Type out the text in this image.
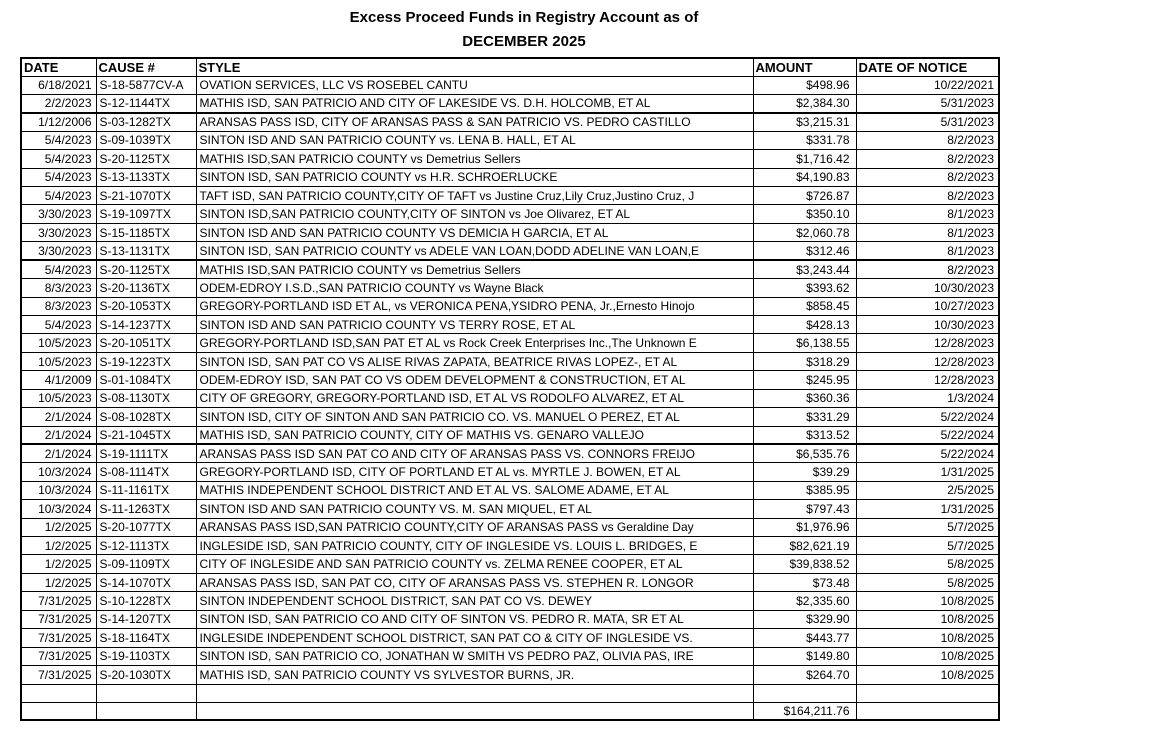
Excess Proceed Funds in Registry Account as of
DECEMBER 2025
DATE	CAUSE #	STYLE	AMOUNT	DATE OF NOTICE
6/18/2021	S-18-5877CV-A	OVATION SERVICES, LLC VS ROSEBEL CANTU	$498.96	10/22/2021
2/2/2023	S-12-1144TX	MATHIS ISD, SAN PATRICIO AND CITY OF LAKESIDE VS. D.H. HOLCOMB, ET AL	$2,384.30	5/31/2023
1/12/2006	S-03-1282TX	ARANSAS PASS ISD, CITY OF ARANSAS PASS & SAN PATRICIO VS. PEDRO CASTILLO	$3,215.31	5/31/2023
5/4/2023	S-09-1039TX	SINTON ISD AND SAN PATRICIO COUNTY vs. LENA B. HALL, ET AL	$331.78	8/2/2023
5/4/2023	S-20-1125TX	MATHIS ISD,SAN PATRICIO COUNTY vs Demetrius Sellers	$1,716.42	8/2/2023
5/4/2023	S-13-1133TX	SINTON ISD, SAN PATRICIO COUNTY vs H.R. SCHROERLUCKE	$4,190.83	8/2/2023
5/4/2023	S-21-1070TX	TAFT ISD, SAN PATRICIO COUNTY,CITY OF TAFT vs Justine Cruz,Lily Cruz,Justino Cruz, J	$726.87	8/2/2023
3/30/2023	S-19-1097TX	SINTON ISD,SAN PATRICIO COUNTY,CITY OF SINTON vs Joe Olivarez, ET AL	$350.10	8/1/2023
3/30/2023	S-15-1185TX	SINTON ISD AND SAN PATRICIO COUNTY VS DEMICIA H GARCIA, ET AL	$2,060.78	8/1/2023
3/30/2023	S-13-1131TX	SINTON ISD, SAN PATRICIO COUNTY vs ADELE VAN LOAN,DODD ADELINE VAN LOAN,E	$312.46	8/1/2023
5/4/2023	S-20-1125TX	MATHIS ISD,SAN PATRICIO COUNTY vs Demetrius Sellers	$3,243.44	8/2/2023
8/3/2023	S-20-1136TX	ODEM-EDROY I.S.D.,SAN PATRICIO COUNTY vs Wayne Black	$393.62	10/30/2023
8/3/2023	S-20-1053TX	GREGORY-PORTLAND ISD ET AL, vs VERONICA PENA,YSIDRO PENA, Jr.,Ernesto Hinojo	$858.45	10/27/2023
5/4/2023	S-14-1237TX	SINTON ISD AND SAN PATRICIO COUNTY VS TERRY ROSE, ET AL	$428.13	10/30/2023
10/5/2023	S-20-1051TX	GREGORY-PORTLAND ISD,SAN PAT ET AL vs Rock Creek Enterprises Inc.,The Unknown E	$6,138.55	12/28/2023
10/5/2023	S-19-1223TX	SINTON ISD, SAN PAT CO VS ALISE RIVAS ZAPATA, BEATRICE RIVAS LOPEZ-, ET AL	$318.29	12/28/2023
4/1/2009	S-01-1084TX	ODEM-EDROY ISD, SAN PAT CO VS ODEM DEVELOPMENT & CONSTRUCTION, ET AL	$245.95	12/28/2023
10/5/2023	S-08-1130TX	CITY OF GREGORY, GREGORY-PORTLAND ISD, ET AL VS RODOLFO ALVAREZ, ET AL	$360.36	1/3/2024
2/1/2024	S-08-1028TX	SINTON ISD, CITY OF SINTON AND SAN PATRICIO CO. VS. MANUEL O PEREZ, ET AL	$331.29	5/22/2024
2/1/2024	S-21-1045TX	MATHIS ISD, SAN PATRICIO COUNTY, CITY OF MATHIS VS. GENARO VALLEJO	$313.52	5/22/2024
2/1/2024	S-19-1111TX	ARANSAS PASS ISD SAN PAT CO AND CITY OF ARANSAS PASS VS. CONNORS FREIJO	$6,535.76	5/22/2024
10/3/2024	S-08-1114TX	GREGORY-PORTLAND ISD, CITY OF PORTLAND ET AL vs. MYRTLE J. BOWEN, ET AL	$39.29	1/31/2025
10/3/2024	S-11-1161TX	MATHIS INDEPENDENT SCHOOL DISTRICT AND ET AL VS. SALOME ADAME, ET AL	$385.95	2/5/2025
10/3/2024	S-11-1263TX	SINTON ISD AND SAN PATRICIO COUNTY VS. M. SAN MIQUEL, ET AL	$797.43	1/31/2025
1/2/2025	S-20-1077TX	ARANSAS PASS ISD,SAN PATRICIO COUNTY,CITY OF ARANSAS PASS vs Geraldine Day	$1,976.96	5/7/2025
1/2/2025	S-12-1113TX	INGLESIDE ISD, SAN PATRICIO COUNTY, CITY OF INGLESIDE VS. LOUIS L. BRIDGES, E	$82,621.19	5/7/2025
1/2/2025	S-09-1109TX	CITY OF INGLESIDE AND SAN PATRICIO COUNTY vs. ZELMA RENEE COOPER, ET AL	$39,838.52	5/8/2025
1/2/2025	S-14-1070TX	ARANSAS PASS ISD, SAN PAT CO, CITY OF ARANSAS PASS VS. STEPHEN R. LONGOR	$73.48	5/8/2025
7/31/2025	S-10-1228TX	SINTON INDEPENDENT SCHOOL DISTRICT, SAN PAT CO VS. DEWEY	$2,335.60	10/8/2025
7/31/2025	S-14-1207TX	SINTON ISD, SAN PATRICIO CO AND CITY OF SINTON VS. PEDRO R. MATA, SR ET AL	$329.90	10/8/2025
7/31/2025	S-18-1164TX	INGLESIDE INDEPENDENT SCHOOL DISTRICT, SAN PAT CO & CITY OF INGLESIDE VS.	$443.77	10/8/2025
7/31/2025	S-19-1103TX	SINTON ISD, SAN PATRICIO CO, JONATHAN W SMITH VS PEDRO PAZ, OLIVIA PAS, IRE	$149.80	10/8/2025
7/31/2025	S-20-1030TX	MATHIS ISD, SAN PATRICIO COUNTY VS SYLVESTOR BURNS, JR.	$264.70	10/8/2025

			$164,211.76	
